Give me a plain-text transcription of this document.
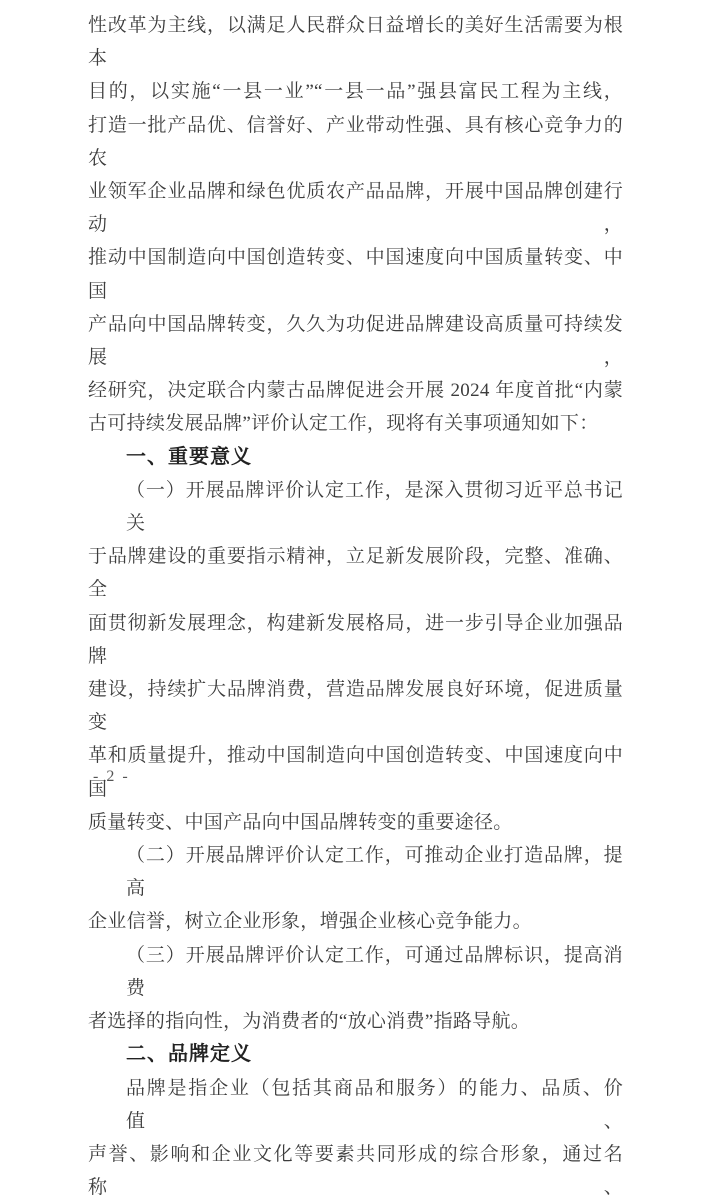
性改革为主线，以满足人民群众日益增长的美好生活需要为根本

目的，以实施“一县一业”“一县一品”强县富民工程为主线，

打造一批产品优、信誉好、产业带动性强、具有核心竞争力的农

业领军企业品牌和绿色优质农产品品牌，开展中国品牌创建行动，

推动中国制造向中国创造转变、中国速度向中国质量转变、中国

产品向中国品牌转变，久久为功促进品牌建设高质量可持续发展，

经研究，决定联合内蒙古品牌促进会开展 2024 年度首批“内蒙

古可持续发展品牌”评价认定工作，现将有关事项通知如下：

一、重要意义

（一）开展品牌评价认定工作，是深入贯彻习近平总书记关

于品牌建设的重要指示精神，立足新发展阶段，完整、准确、全

面贯彻新发展理念，构建新发展格局，进一步引导企业加强品牌

建设，持续扩大品牌消费，营造品牌发展良好环境，促进质量变

革和质量提升，推动中国制造向中国创造转变、中国速度向中国

质量转变、中国产品向中国品牌转变的重要途径。

（二）开展品牌评价认定工作，可推动企业打造品牌，提高

企业信誉，树立企业形象，增强企业核心竞争能力。

（三）开展品牌评价认定工作，可通过品牌标识，提高消费

者选择的指向性，为消费者的“放心消费”指路导航。

二、品牌定义

品牌是指企业（包括其商品和服务）的能力、品质、价值、

声誉、影响和企业文化等要素共同形成的综合形象，通过名称、

- 2 -
